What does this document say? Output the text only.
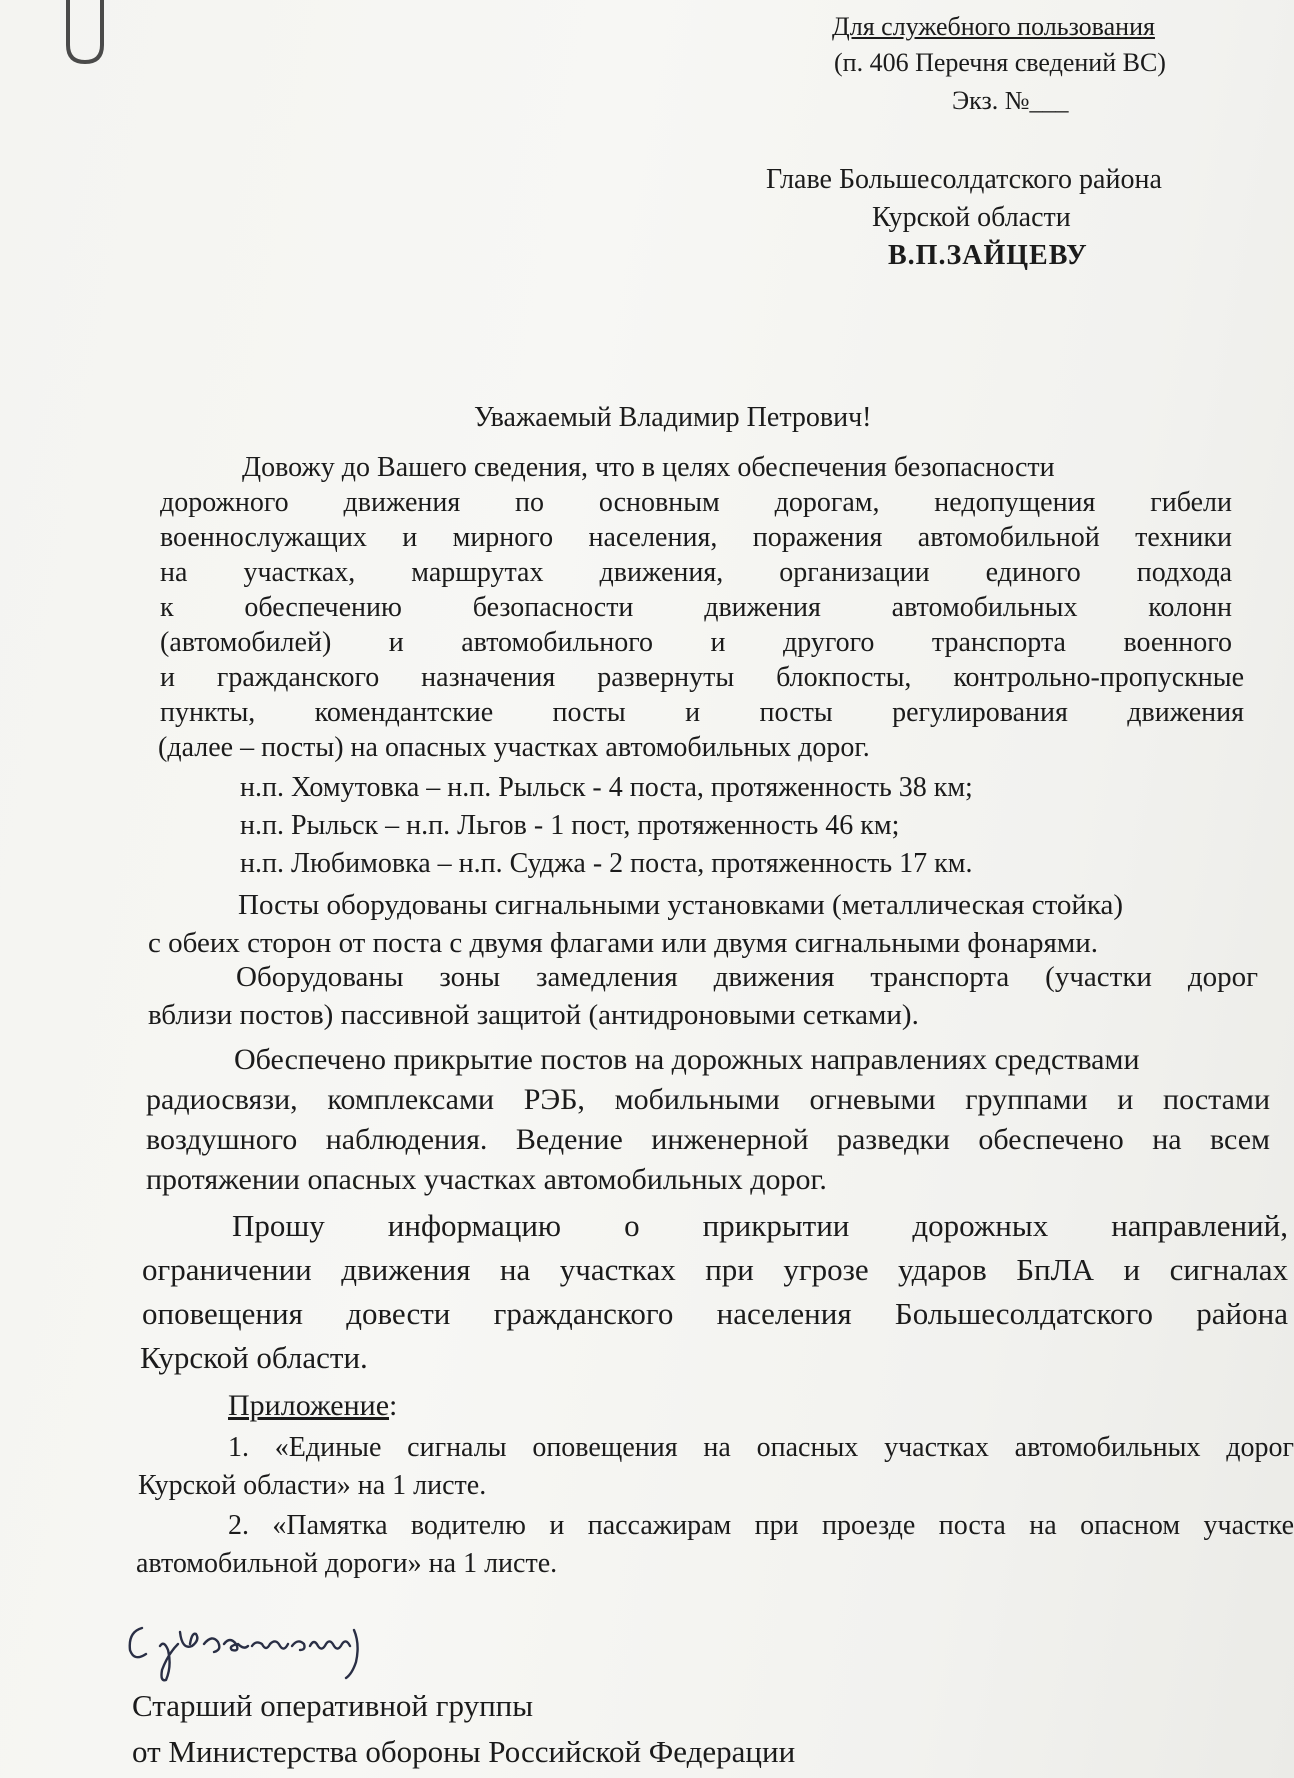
Для служебного пользования
(п. 406 Перечня сведений ВС)
Экз. №___
Главе Большесолдатского района
Курской области
В.П.ЗАЙЦЕВУ
Уважаемый Владимир Петрович!
Довожу до Вашего сведения, что в целях обеспечения безопасности
дорожного движения по основным дорогам, недопущения гибели
военнослужащих и мирного населения, поражения автомобильной техники
на участках, маршрутах движения, организации единого подхода
к обеспечению безопасности движения автомобильных колонн
(автомобилей) и автомобильного и другого транспорта военного
и гражданского назначения развернуты блокпосты, контрольно-пропускные
пункты, комендантские посты и посты регулирования движения
(далее – посты) на опасных участках автомобильных дорог.
н.п. Хомутовка – н.п. Рыльск - 4 поста, протяженность 38 км;
н.п. Рыльск – н.п. Льгов - 1 пост, протяженность 46 км;
н.п. Любимовка – н.п. Суджа - 2 поста, протяженность 17 км.
Посты оборудованы сигнальными установками (металлическая стойка)
с обеих сторон от поста с двумя флагами или двумя сигнальными фонарями.
Оборудованы зоны замедления движения транспорта (участки дорог
вблизи постов) пассивной защитой (антидроновыми сетками).
Обеспечено прикрытие постов на дорожных направлениях средствами
радиосвязи, комплексами РЭБ, мобильными огневыми группами и постами
воздушного наблюдения. Ведение инженерной разведки обеспечено на всем
протяжении опасных участках автомобильных дорог.
Прошу информацию о прикрытии дорожных направлений,
ограничении движения на участках при угрозе ударов БпЛА и сигналах
оповещения довести гражданского населения Большесолдатского района
Курской области.
Приложение:
1. «Единые сигналы оповещения на опасных участках автомобильных дорог
Курской области» на 1 листе.
2. «Памятка водителю и пассажирам при проезде поста на опасном участке
автомобильной дороги» на 1 листе.
Старший оперативной группы
от Министерства обороны Российской Федерации
